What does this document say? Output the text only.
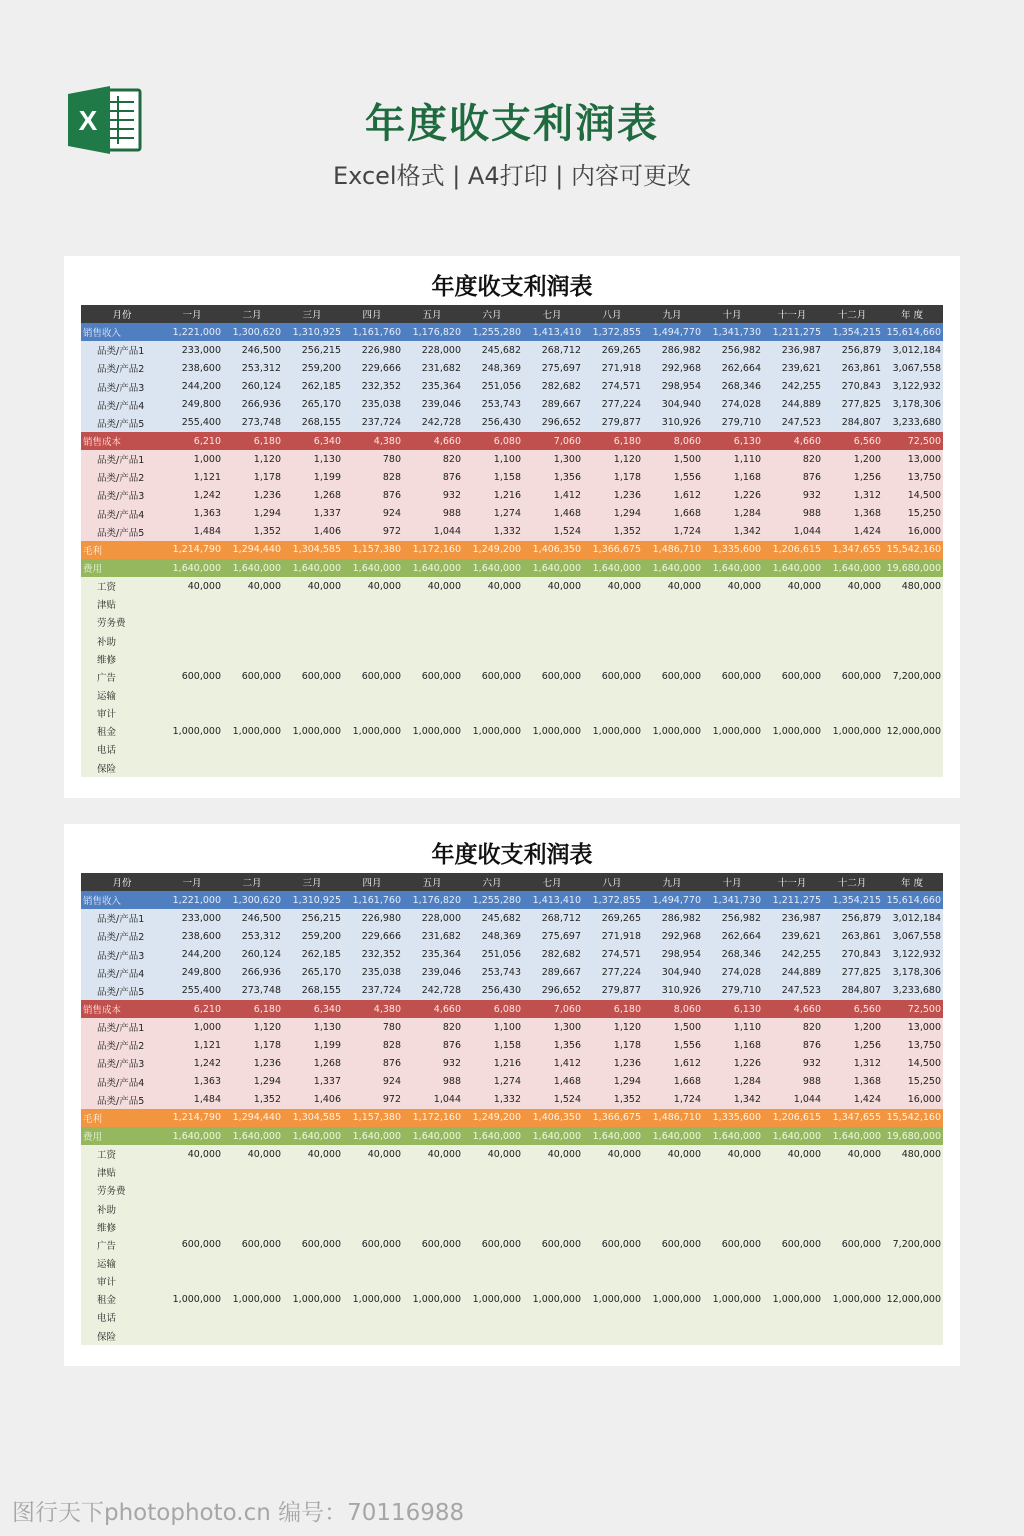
X	年度收支利润表
Excel格式 | A4打印 | 内容可更改
年度收支利润表
月份	一月	二月	三月	四月	五月	六月	七月	八月	九月	十月	十一月	十二月	年 度
销售收入	1,221,000	1,300,620	1,310,925	1,161,760	1,176,820	1,255,280	1,413,410	1,372,855	1,494,770	1,341,730	1,211,275	1,354,215	15,614,660
品类/产品1	233,000	246,500	256,215	226,980	228,000	245,682	268,712	269,265	286,982	256,982	236,987	256,879	3,012,184
品类/产品2	238,600	253,312	259,200	229,666	231,682	248,369	275,697	271,918	292,968	262,664	239,621	263,861	3,067,558
品类/产品3	244,200	260,124	262,185	232,352	235,364	251,056	282,682	274,571	298,954	268,346	242,255	270,843	3,122,932
品类/产品4	249,800	266,936	265,170	235,038	239,046	253,743	289,667	277,224	304,940	274,028	244,889	277,825	3,178,306
品类/产品5	255,400	273,748	268,155	237,724	242,728	256,430	296,652	279,877	310,926	279,710	247,523	284,807	3,233,680
销售成本	6,210	6,180	6,340	4,380	4,660	6,080	7,060	6,180	8,060	6,130	4,660	6,560	72,500
品类/产品1	1,000	1,120	1,130	780	820	1,100	1,300	1,120	1,500	1,110	820	1,200	13,000
品类/产品2	1,121	1,178	1,199	828	876	1,158	1,356	1,178	1,556	1,168	876	1,256	13,750
品类/产品3	1,242	1,236	1,268	876	932	1,216	1,412	1,236	1,612	1,226	932	1,312	14,500
品类/产品4	1,363	1,294	1,337	924	988	1,274	1,468	1,294	1,668	1,284	988	1,368	15,250
品类/产品5	1,484	1,352	1,406	972	1,044	1,332	1,524	1,352	1,724	1,342	1,044	1,424	16,000
毛利	1,214,790	1,294,440	1,304,585	1,157,380	1,172,160	1,249,200	1,406,350	1,366,675	1,486,710	1,335,600	1,206,615	1,347,655	15,542,160
费用	1,640,000	1,640,000	1,640,000	1,640,000	1,640,000	1,640,000	1,640,000	1,640,000	1,640,000	1,640,000	1,640,000	1,640,000	19,680,000
工资	40,000	40,000	40,000	40,000	40,000	40,000	40,000	40,000	40,000	40,000	40,000	40,000	480,000
津贴													
劳务费													
补助													
维修													
广告	600,000	600,000	600,000	600,000	600,000	600,000	600,000	600,000	600,000	600,000	600,000	600,000	7,200,000
运输													
审计													
租金	1,000,000	1,000,000	1,000,000	1,000,000	1,000,000	1,000,000	1,000,000	1,000,000	1,000,000	1,000,000	1,000,000	1,000,000	12,000,000
电话													
保险													
年度收支利润表
月份	一月	二月	三月	四月	五月	六月	七月	八月	九月	十月	十一月	十二月	年 度
销售收入	1,221,000	1,300,620	1,310,925	1,161,760	1,176,820	1,255,280	1,413,410	1,372,855	1,494,770	1,341,730	1,211,275	1,354,215	15,614,660
品类/产品1	233,000	246,500	256,215	226,980	228,000	245,682	268,712	269,265	286,982	256,982	236,987	256,879	3,012,184
品类/产品2	238,600	253,312	259,200	229,666	231,682	248,369	275,697	271,918	292,968	262,664	239,621	263,861	3,067,558
品类/产品3	244,200	260,124	262,185	232,352	235,364	251,056	282,682	274,571	298,954	268,346	242,255	270,843	3,122,932
品类/产品4	249,800	266,936	265,170	235,038	239,046	253,743	289,667	277,224	304,940	274,028	244,889	277,825	3,178,306
品类/产品5	255,400	273,748	268,155	237,724	242,728	256,430	296,652	279,877	310,926	279,710	247,523	284,807	3,233,680
销售成本	6,210	6,180	6,340	4,380	4,660	6,080	7,060	6,180	8,060	6,130	4,660	6,560	72,500
品类/产品1	1,000	1,120	1,130	780	820	1,100	1,300	1,120	1,500	1,110	820	1,200	13,000
品类/产品2	1,121	1,178	1,199	828	876	1,158	1,356	1,178	1,556	1,168	876	1,256	13,750
品类/产品3	1,242	1,236	1,268	876	932	1,216	1,412	1,236	1,612	1,226	932	1,312	14,500
品类/产品4	1,363	1,294	1,337	924	988	1,274	1,468	1,294	1,668	1,284	988	1,368	15,250
品类/产品5	1,484	1,352	1,406	972	1,044	1,332	1,524	1,352	1,724	1,342	1,044	1,424	16,000
毛利	1,214,790	1,294,440	1,304,585	1,157,380	1,172,160	1,249,200	1,406,350	1,366,675	1,486,710	1,335,600	1,206,615	1,347,655	15,542,160
费用	1,640,000	1,640,000	1,640,000	1,640,000	1,640,000	1,640,000	1,640,000	1,640,000	1,640,000	1,640,000	1,640,000	1,640,000	19,680,000
工资	40,000	40,000	40,000	40,000	40,000	40,000	40,000	40,000	40,000	40,000	40,000	40,000	480,000
津贴													
劳务费													
补助													
维修													
广告	600,000	600,000	600,000	600,000	600,000	600,000	600,000	600,000	600,000	600,000	600,000	600,000	7,200,000
运输													
审计													
租金	1,000,000	1,000,000	1,000,000	1,000,000	1,000,000	1,000,000	1,000,000	1,000,000	1,000,000	1,000,000	1,000,000	1,000,000	12,000,000
电话													
保险													
图行天下photophoto.cn 编号：70116988
